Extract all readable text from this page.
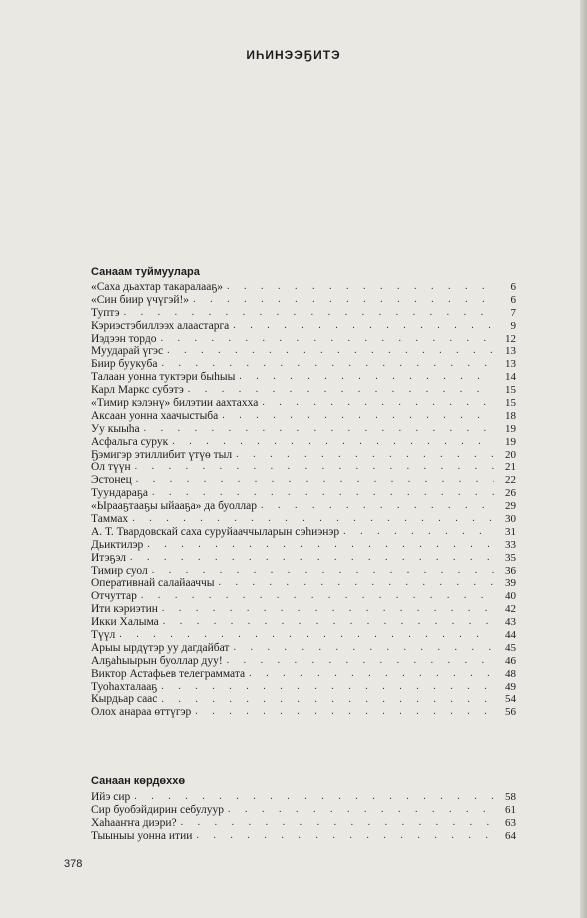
ИҺИНЭЭҔИТЭ
Санаам туймуулара
«Саха дьахтар такаралааҕ» . . .	6
«Син биир үчүгэй!» . . .	6
Туптэ . . .	7
Кэриэстэбиллээх алаастарга . . .	9
Иэдээн тордо . . .	12
Муударай үгэс . . .	13
Биир буукуба . . .	13
Талаан уонна туктэри быһыы . . .	14
Карл Маркс субэтэ . . .	15
«Тимир кэлэнү» билэтии аахтахха . . .	15
Аксаан уонна хаачыстыба . . .	18
Уу кыыһа . . .	19
Асфальга сурук . . .	19
Ҕэмигэр этиллибит үтүө тыл . . .	20
Ол түүн . . .	21
Эстонец . . .	22
Туундараҕа . . .	26
«Ырааҕтааҕы ыйааҕа» да буоллар . . .	29
Таммах . . .	30
А. Т. Твардовскай саха суруйааччыларын сэһиэнэр . . .	31
Дьиктилэр . . .	33
Итэҕэл . . .	35
Тимир суол . . .	36
Оперативнай салайааччы . . .	39
Отчуттар . . .	40
Ити кэриэтин . . .	42
Икки Халыма . . .	43
Түүл . . .	44
Арыы ырдүтэр уу дагдайбат . . .	45
Алҕаһыырын буоллар дуу! . . .	46
Виктор Астафьев телеграммата . . .	48
Туоһахталааҕ . . .	49
Кырдьар саас . . .	54
Олох анараа өттүгэр . . .	56
Санаан көрдөххө
Ийэ сир . . .	58
Сир буобэйдирин себулуур . . .	61
Хаһааҥҥа диэри? . . .	63
Тыыныы уонна итии . . .	64
378
